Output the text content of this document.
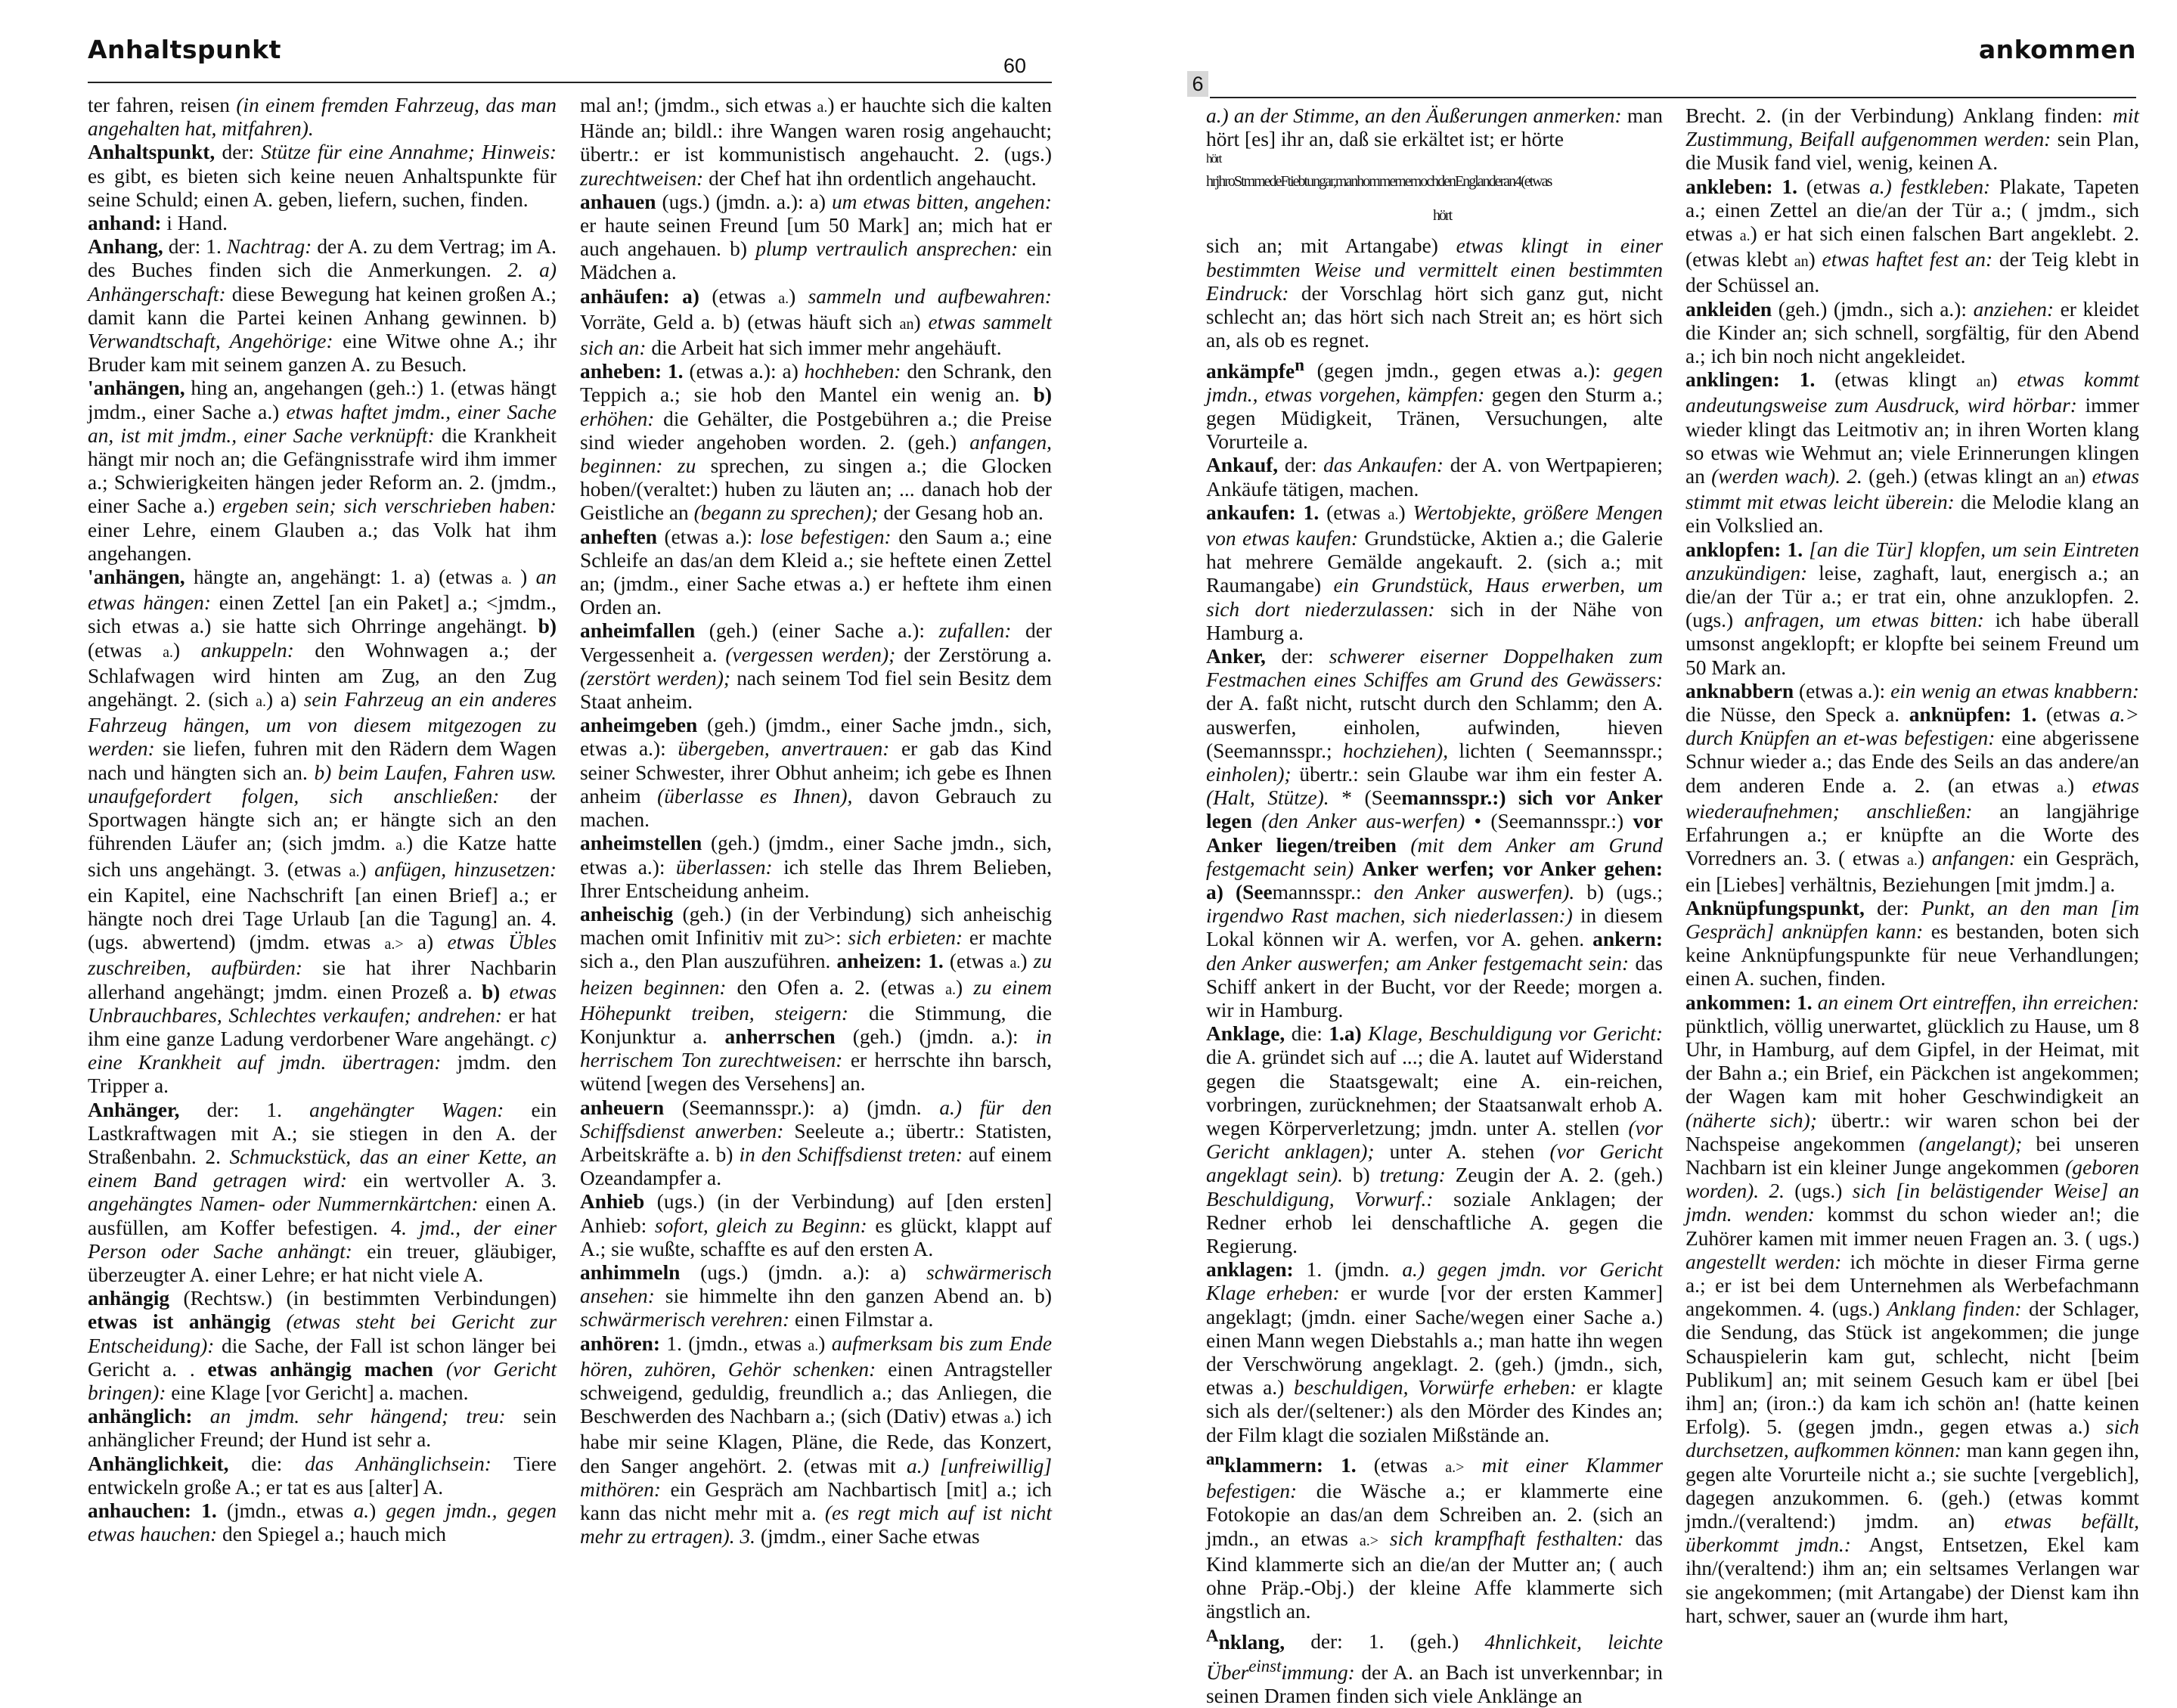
Anhaltspunkt
60

ter fahren, reisen (in einem fremden Fahrzeug, das man angehalten hat, mitfahren).

Anhaltspunkt, der: Stütze für eine Annahme; Hinweis: es gibt, es bieten sich keine neuen Anhaltspunkte für seine Schuld; einen A. geben, liefern, suchen, finden.

anhand: i Hand.

Anhang, der: 1. Nachtrag: der A. zu dem Vertrag; im A. des Buches finden sich die Anmerkungen. 2. a) Anhängerschaft: diese Bewegung hat keinen großen A.; damit kann die Partei keinen Anhang gewinnen. b) Verwandtschaft, Angehörige: eine Witwe ohne A.; ihr Bruder kam mit seinem ganzen A. zu Besuch.

'anhängen, hing an, angehangen (geh.:) 1. (etwas hängt jmdm., einer Sache a.) etwas haftet jmdm., einer Sache an, ist mit jmdm., einer Sache verknüpft: die Krankheit hängt mir noch an; die Gefängnisstrafe wird ihm immer a.; Schwierigkeiten hängen jeder Reform an. 2. (jmdm., einer Sache a.) ergeben sein; sich verschrieben haben: einer Lehre, einem Glauben a.; das Volk hat ihm angehangen.

'anhängen, hängte an, angehängt: 1. a) (etwas a. ) an etwas hängen: einen Zettel [an ein Paket] a.; <jmdm., sich etwas a.) sie hatte sich Ohrringe angehängt. b) (etwas a.) ankuppeln: den Wohnwagen a.; der Schlafwagen wird hinten am Zug, an den Zug angehängt. 2. (sich a.) a) sein Fahrzeug an ein anderes Fahrzeug hängen, um von diesem mitgezogen zu werden: sie liefen, fuhren mit den Rädern dem Wagen nach und hängten sich an. b) beim Laufen, Fahren usw. unaufgefordert folgen, sich anschließen: der Sportwagen hängte sich an; er hängte sich an den führenden Läufer an; (sich jmdm. a.) die Katze hatte sich uns angehängt. 3. (etwas a.) anfügen, hinzusetzen: ein Kapitel, eine Nachschrift [an einen Brief] a.; er hängte noch drei Tage Urlaub [an die Tagung] an. 4. (ugs. abwertend) (jmdm. etwas a.> a) etwas Übles zuschreiben, aufbürden: sie hat ihrer Nachbarin allerhand angehängt; jmdm. einen Prozeß a. b) etwas Unbrauchbares, Schlechtes verkaufen; andrehen: er hat ihm eine ganze Ladung verdorbener Ware angehängt. c) eine Krankheit auf jmdn. übertragen: jmdm. den Tripper a.

Anhänger, der: 1. angehängter Wagen: ein Lastkraftwagen mit A.; sie stiegen in den A. der Straßenbahn. 2. Schmuckstück, das an einer Kette, an einem Band getragen wird: ein wertvoller A. 3. angehängtes Namen- oder Nummernkärtchen: einen A. ausfüllen, am Koffer befestigen. 4. jmd., der einer Person oder Sache anhängt: ein treuer, gläubiger, überzeugter A. einer Lehre; er hat nicht viele A.

anhängig (Rechtsw.) (in bestimmten Verbindungen) etwas ist anhängig (etwas steht bei Gericht zur Entscheidung): die Sache, der Fall ist schon länger bei Gericht a. . etwas anhängig machen (vor Gericht bringen): eine Klage [vor Gericht] a. machen.

anhänglich: an jmdm. sehr hängend; treu: sein anhänglicher Freund; der Hund ist sehr a.

Anhänglichkeit, die: das Anhänglichsein: Tiere entwickeln große A.; er tat es aus [alter] A.

anhauchen: 1. (jmdn., etwas a.) gegen jmdn., gegen etwas hauchen: den Spiegel a.; hauch mich

mal an!; (jmdm., sich etwas a.) er hauchte sich die kalten Hände an; bildl.: ihre Wangen waren rosig angehaucht; übertr.: er ist kommunistisch angehaucht. 2. (ugs.) zurechtweisen: der Chef hat ihn ordentlich angehaucht.

anhauen (ugs.) (jmdn. a.): a) um etwas bitten, angehen: er haute seinen Freund [um 50 Mark] an; mich hat er auch angehauen. b) plump vertraulich ansprechen: ein Mädchen a.

anhäufen: a) (etwas a.) sammeln und aufbewahren: Vorräte, Geld a. b) (etwas häuft sich an) etwas sammelt sich an: die Arbeit hat sich immer mehr angehäuft.

anheben: 1. (etwas a.): a) hochheben: den Schrank, den Teppich a.; sie hob den Mantel ein wenig an. b) erhöhen: die Gehälter, die Postgebühren a.; die Preise sind wieder angehoben worden. 2. (geh.) anfangen, beginnen: zu sprechen, zu singen a.; die Glocken hoben/(veraltet:) huben zu läuten an; ... danach hob der Geistliche an (begann zu sprechen); der Gesang hob an.

anheften (etwas a.): lose befestigen: den Saum a.; eine Schleife an das/an dem Kleid a.; sie heftete einen Zettel an; (jmdm., einer Sache etwas a.) er heftete ihm einen Orden an.

anheimfallen (geh.) (einer Sache a.): zufallen: der Vergessenheit a. (vergessen werden); der Zerstörung a. (zerstört werden); nach seinem Tod fiel sein Besitz dem Staat anheim.

anheimgeben (geh.) (jmdm., einer Sache jmdn., sich, etwas a.): übergeben, anvertrauen: er gab das Kind seiner Schwester, ihrer Obhut anheim; ich gebe es Ihnen anheim (überlasse es Ihnen), davon Gebrauch zu machen.

anheimstellen (geh.) (jmdm., einer Sache jmdn., sich, etwas a.): überlassen: ich stelle das Ihrem Belieben, Ihrer Entscheidung anheim.

anheischig (geh.) (in der Verbindung) sich anheischig machen omit Infinitiv mit zu>: sich erbieten: er machte sich a., den Plan auszuführen. anheizen: 1. (etwas a.) zu heizen beginnen: den Ofen a. 2. (etwas a.) zu einem Höhepunkt treiben, steigern: die Stimmung, die Konjunktur a. anherrschen (geh.) (jmdn. a.): in herrischem Ton zurechtweisen: er herrschte ihn barsch, wütend [wegen des Versehens] an.

anheuern (Seemannsspr.): a) (jmdn. a.) für den Schiffsdienst anwerben: Seeleute a.; übertr.: Statisten, Arbeitskräfte a. b) in den Schiffsdienst treten: auf einem Ozeandampfer a.

Anhieb (ugs.) (in der Verbindung) auf [den ersten] Anhieb: sofort, gleich zu Beginn: es glückt, klappt auf A.; sie wußte, schaffte es auf den ersten A.

anhimmeln (ugs.) (jmdn. a.): a) schwärmerisch ansehen: sie himmelte ihn den ganzen Abend an. b) schwärmerisch verehren: einen Filmstar a.

anhören: 1. (jmdn., etwas a.) aufmerksam bis zum Ende hören, zuhören, Gehör schenken: einen Antragsteller schweigend, geduldig, freundlich a.; das Anliegen, die Beschwerden des Nachbarn a.; (sich (Dativ) etwas a.) ich habe mir seine Klagen, Pläne, die Rede, das Konzert, den Sanger angehört. 2. (etwas mit a.) [unfreiwillig] mithören: ein Gespräch am Nachbartisch [mit] a.; ich kann das nicht mehr mit a. (es regt mich auf ist nicht mehr zu ertragen). 3. (jmdm., einer Sache etwas

6
ankommen

a.) an der Stimme, an den Äußerungen anmerken: man hört [es] ihr an, daß sie erkältet ist; er hörte

hört
hrjhroStmmedeFtiebtungar,manhommememochdenEnglanderan4(etwas
hört

sich an; mit Artangabe) etwas klingt in einer bestimmten Weise und vermittelt einen bestimmten Eindruck: der Vorschlag hört sich ganz gut, nicht schlecht an; das hört sich nach Streit an; es hört sich an, als ob es regnet.

ankämpfe$^n$ (gegen jmdn., gegen etwas a.): gegen jmdn., etwas vorgehen, kämpfen: gegen den Sturm a.; gegen Müdigkeit, Tränen, Versuchungen, alte Vorurteile a.

Ankauf, der: das Ankaufen: der A. von Wertpapieren; Ankäufe tätigen, machen.

ankaufen: 1. (etwas a.) Wertobjekte, größere Mengen von etwas kaufen: Grundstücke, Aktien a.; die Galerie hat mehrere Gemälde angekauft. 2. (sich a.; mit Raumangabe) ein Grundstück, Haus erwerben, um sich dort niederzulassen: sich in der Nähe von Hamburg a.

Anker, der: schwerer eiserner Doppelhaken zum Festmachen eines Schiffes am Grund des Gewässers: der A. faßt nicht, rutscht durch den Schlamm; den A. auswerfen, einholen, aufwinden, hieven (Seemannsspr.; hochziehen), lichten ( Seemannsspr.; einholen); übertr.: sein Glaube war ihm ein fester A. (Halt, Stütze). * (Seemannsspr.:) sich vor Anker legen (den Anker aus-werfen) • (Seemannsspr.:) vor Anker liegen/treiben (mit dem Anker am Grund festgemacht sein) Anker werfen; vor Anker gehen: a) (Seemannsspr.: den Anker auswerfen). b) (ugs.; irgendwo Rast machen, sich niederlassen:) in diesem Lokal können wir A. werfen, vor A. gehen. ankern: den Anker auswerfen; am Anker festgemacht sein: das Schiff ankert in der Bucht, vor der Reede; morgen a. wir in Hamburg.

Anklage, die: 1.a) Klage, Beschuldigung vor Gericht: die A. gründet sich auf ...; die A. lautet auf Widerstand gegen die Staatsgewalt; eine A. ein-reichen, vorbringen, zurücknehmen; der Staatsanwalt erhob A. wegen Körperverletzung; jmdn. unter A. stellen (vor Gericht anklagen); unter A. stehen (vor Gericht angeklagt sein). b) tretung: Zeugin der A. 2. (geh.) Beschuldigung, Vorwurf.: soziale Anklagen; der Redner erhob lei denschaftliche A. gegen die Regierung.

anklagen: 1. (jmdn. a.) gegen jmdn. vor Gericht Klage erheben: er wurde [vor der ersten Kammer] angeklagt; (jmdn. einer Sache/wegen einer Sache a.) einen Mann wegen Diebstahls a.; man hatte ihn wegen der Verschwörung angeklagt. 2. (geh.) (jmdn., sich, etwas a.) beschuldigen, Vorwürfe erheben: er klagte sich als der/(seltener:) als den Mörder des Kindes an; der Film klagt die sozialen Mißstände an.

$^{an}$klammern: 1. (etwas a.> mit einer Klammer befestigen: die Wäsche a.; er klammerte eine Fotokopie an das/an dem Schreiben an. 2. (sich an jmdn., an etwas a.> sich krampfhaft festhalten: das Kind klammerte sich an die/an der Mutter an; ( auch ohne Präp.-Obj.) der kleine Affe klammerte sich ängstlich an.

$^A$nklang, der: 1. (geh.) 4hnlichkeit, leichte Über$^{einst}$immung: der A. an Bach ist unverkennbar; in seinen Dramen finden sich viele Anklänge an

Brecht. 2. (in der Verbindung) Anklang finden: mit Zustimmung, Beifall aufgenommen werden: sein Plan, die Musik fand viel, wenig, keinen A.

ankleben: 1. (etwas a.) festkleben: Plakate, Tapeten a.; einen Zettel an die/an der Tür a.; ( jmdm., sich etwas a.) er hat sich einen falschen Bart angeklebt. 2. (etwas klebt an) etwas haftet fest an: der Teig klebt in der Schüssel an.

ankleiden (geh.) (jmdn., sich a.): anziehen: er kleidet die Kinder an; sich schnell, sorgfältig, für den Abend a.; ich bin noch nicht angekleidet.

anklingen: 1. (etwas klingt an) etwas kommt andeutungsweise zum Ausdruck, wird hörbar: immer wieder klingt das Leitmotiv an; in ihren Worten klang so etwas wie Wehmut an; viele Erinnerungen klingen an (werden wach). 2. (geh.) (etwas klingt an an) etwas stimmt mit etwas leicht überein: die Melodie klang an ein Volkslied an.

anklopfen: 1. [an die Tür] klopfen, um sein Eintreten anzukündigen: leise, zaghaft, laut, energisch a.; an die/an der Tür a.; er trat ein, ohne anzuklopfen. 2. (ugs.) anfragen, um etwas bitten: ich habe überall umsonst angeklopft; er klopfte bei seinem Freund um 50 Mark an.

anknabbern (etwas a.): ein wenig an etwas knabbern: die Nüsse, den Speck a. anknüpfen: 1. (etwas a.> durch Knüpfen an et-was befestigen: eine abgerissene Schnur wieder a.; das Ende des Seils an das andere/an dem anderen Ende a. 2. (an etwas a.) etwas wiederaufnehmen; anschließen: an langjährige Erfahrungen a.; er knüpfte an die Worte des Vorredners an. 3. ( etwas a.) anfangen: ein Gespräch, ein [Liebes] verhältnis, Beziehungen [mit jmdm.] a.

Anknüpfungspunkt, der: Punkt, an den man [im Gespräch] anknüpfen kann: es bestanden, boten sich keine Anknüpfungspunkte für neue Verhandlungen; einen A. suchen, finden.

ankommen: 1. an einem Ort eintreffen, ihn erreichen: pünktlich, völlig unerwartet, glücklich zu Hause, um 8 Uhr, in Hamburg, auf dem Gipfel, in der Heimat, mit der Bahn a.; ein Brief, ein Päckchen ist angekommen; der Wagen kam mit hoher Geschwindigkeit an (näherte sich); übertr.: wir waren schon bei der Nachspeise angekommen (angelangt); bei unseren Nachbarn ist ein kleiner Junge angekommen (geboren worden). 2. (ugs.) sich [in belästigender Weise] an jmdn. wenden: kommst du schon wieder an!; die Zuhörer kamen mit immer neuen Fragen an. 3. ( ugs.) angestellt werden: ich möchte in dieser Firma gerne a.; er ist bei dem Unternehmen als Werbefachmann angekommen. 4. (ugs.) Anklang finden: der Schlager, die Sendung, das Stück ist angekommen; die junge Schauspielerin kam gut, schlecht, nicht [beim Publikum] an; mit seinem Gesuch kam er übel [bei ihm] an; (iron.:) da kam ich schön an! (hatte keinen Erfolg). 5. (gegen jmdn., gegen etwas a.) sich durchsetzen, aufkommen können: man kann gegen ihn, gegen alte Vorurteile nicht a.; sie suchte [vergeblich], dagegen anzukommen. 6. (geh.) (etwas kommt jmdn./(veraltend:) jmdm. an) etwas befällt, überkommt jmdn.: Angst, Entsetzen, Ekel kam ihn/(veraltend:) ihm an; ein seltsames Verlangen war sie angekommen; (mit Artangabe) der Dienst kam ihn hart, schwer, sauer an (wurde ihm hart,
